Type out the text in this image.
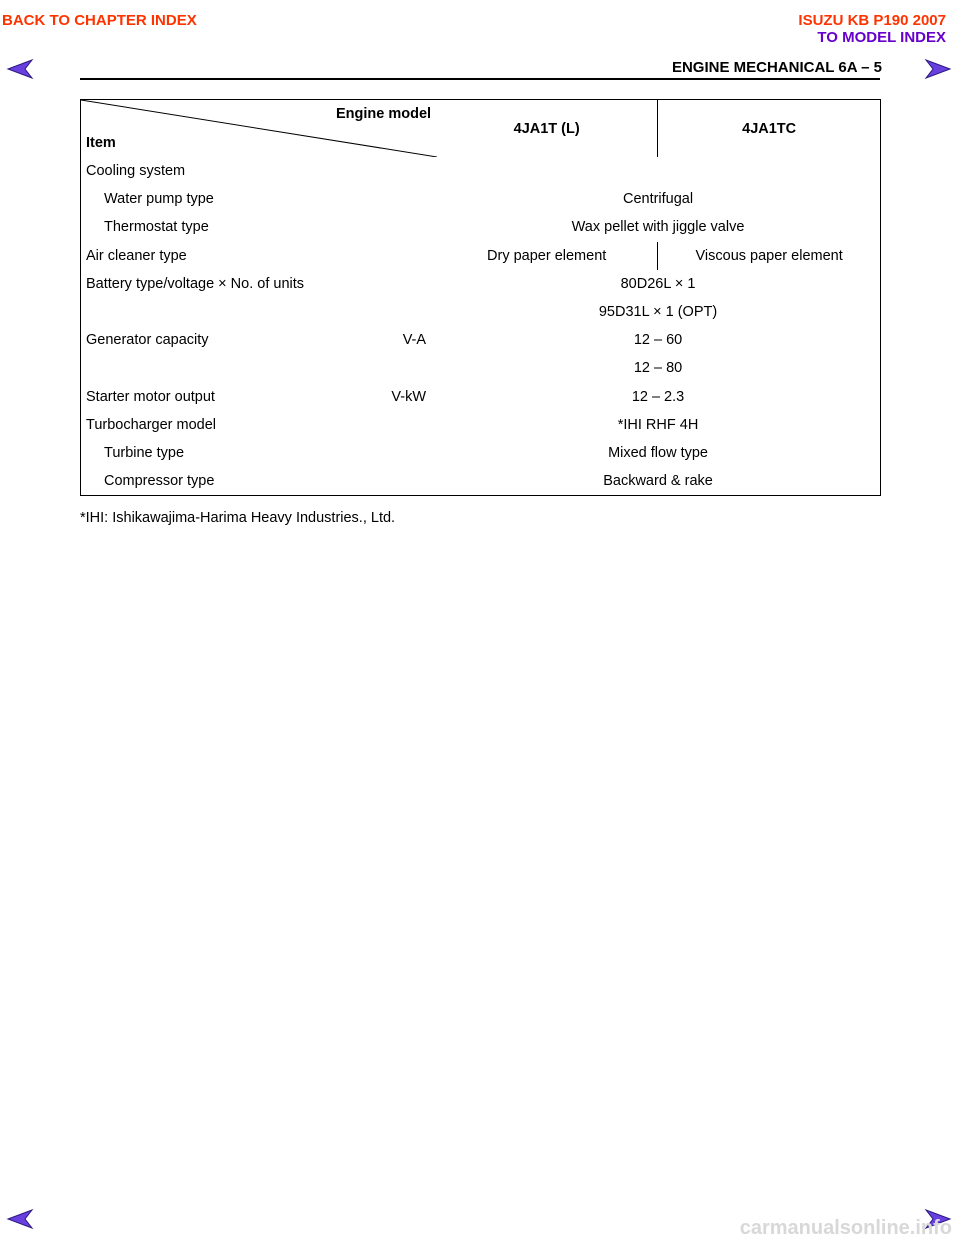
BACK TO CHAPTER INDEX	ISUZU KB P190 2007
TO MODEL INDEX
ENGINE MECHANICAL 6A – 5
Engine model
Item	4JA1T (L)	4JA1TC
Cooling system		
Water pump type	Centrifugal	
Thermostat type	Wax pellet with jiggle valve	
Air cleaner type	Dry paper element	Viscous paper element
Battery type/voltage × No. of units	80D26L × 1	
	95D31L × 1 (OPT)	
Generator capacity V-A	12 – 60	
	12 – 80	
Starter motor output V-kW	12 – 2.3	
Turbocharger model	*IHI RHF 4H	
Turbine type	Mixed flow type	
Compressor type	Backward & rake	
*IHI: Ishikawajima-Harima Heavy Industries., Ltd.
carmanualsonline.info
